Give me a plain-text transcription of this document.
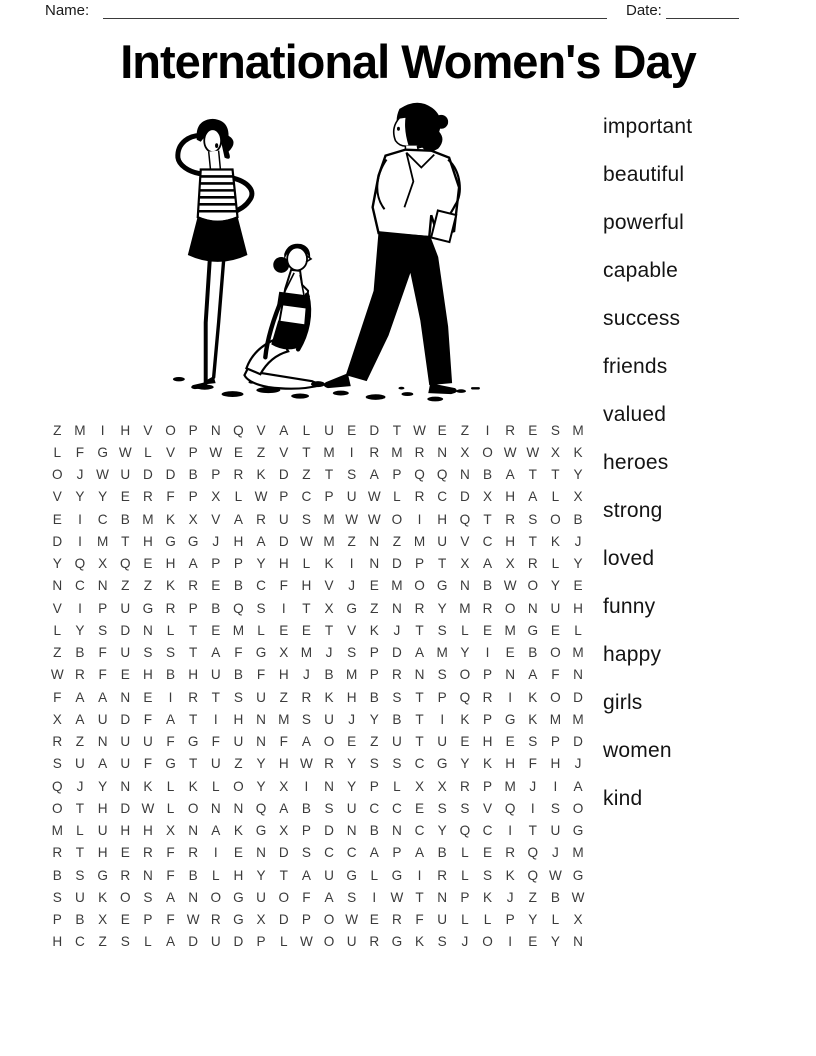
Name:	Date:
International Women's Day
important
beautiful
powerful
capable
success
friends
valued
heroes
strong
loved
funny
happy
girls
women
kind
Z M	I	H V O P N Q V A	L	U E D T W E	Z	I	R E S M
L	F G W L	V P W E	Z	V	T M	I	R M R N X O W W X K
O	J W U D D B P R K D Z	T	S A P Q Q N B A	T	T	Y
V Y Y E R F	P X	L W P C P U W L	R C D X H A	L	X
E	I	C B M K X V A R U S M W W O	I	H Q T R S O B
D	I	M T H G G	J	H A D W M Z N Z M U V C H T	K	J
Y Q X Q E H A P P Y H	L	K	I	N D P	T	X A X R	L	Y
N C N Z	Z	K R E B C F H V	J	E M O G N B W O Y E
V	I	P U G R P B Q S	I	T	X G Z N R Y M R O N U H
L	Y S D N	L	T	E M L	E E	T	V K	J	T	S	L	E M G E	L
Z	B	F U S S	T	A	F G X M J	S P D A M Y	I	E B O M
W R F	E H B H U B	F H	J	B M P R N S O P N A	F N
F	A A N E	I	R T	S U Z R K H B S	T	P Q R	I	K O D
X A U D F	A	T	I	H N M S U	J	Y B	T	I	K P G K M M
R Z N U U F G F U N F	A O E	Z U T U E H E S P D
S U A U F G T U Z	Y H W R Y S S C G Y K H F H	J
Q	J	Y N K	L	K	L O Y X	I	N Y P	L	X X R P M J	I	A
O T H D W L O N N Q A B S U C C E S S V Q	I	S O
M L	U H H X N A K G X P D N B N C Y Q C	I	T U G
R T H E R F R	I	E N D S C C A P A B	L	E R Q	J M
B S G R N F	B	L	H Y	T	A U G L G	I	R	L	S K Q W G
S U K O S A N O G U O F	A S	I	W T N P K	J	Z	B W
P B X E P	F W R G X D P O W E R F U	L	L	P Y	L	X
H C Z	S	L	A D U D P	L W O U R G K S	J	O	I	E Y N
